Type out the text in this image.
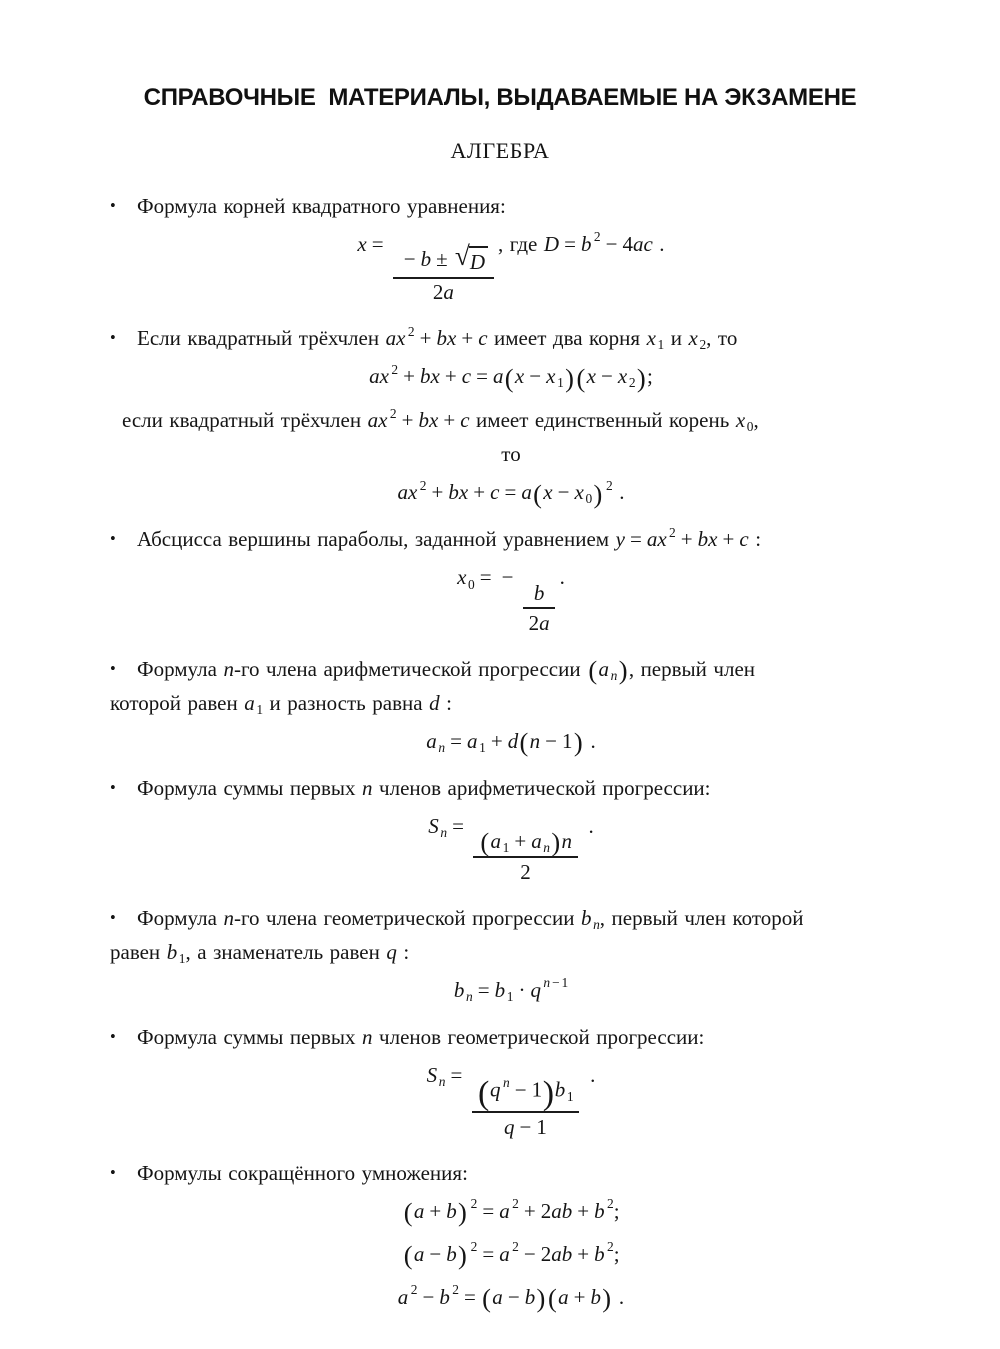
СПРАВОЧНЫЕ  МАТЕРИАЛЫ, ВЫДАВАЕМЫЕ НА ЭКЗАМЕНЕ
АЛГЕБРА
• Формула корней квадратного уравнения:
x =
$\frac{- b \pm √ D}{2a}$
, где D = b 2 − 4ac .
• Если квадратный трёхчлен ax 2 + bx + c имеет два корня x 1 и x 2, то
ax 2 + bx + c = a(x − x 1)(x − x 2);
если квадратный трёхчлен ax 2 + bx + c имеет единственный корень x 0,
то
ax 2 + bx + c = a(x − x 0) 2 .
• Абсцисса вершины параболы, заданной уравнением y = ax 2 + bx + c :
x 0 = −
$\frac{b}{2a}$
.
• Формула n-го члена арифметической прогрессии (a n), первый член
которой равен a 1 и разность равна d :
a n = a 1 + d(n − 1) .
• Формула суммы первых n членов арифметической прогрессии:
S n =
$\frac{\text{(a 1 + a n)n}}{2}$
.
• Формула n-го члена геометрической прогрессии b n, первый член которой
равен b 1, а знаменатель равен q :
b n = b 1 · q n − 1
• Формула суммы первых n членов геометрической прогрессии:
S n =
$\frac{\text{(q n − 1)b 1}}{q - 1}$
.
• Формулы сокращённого умножения:
(a + b) 2 = a 2 + 2ab + b 2;
(a − b) 2 = a 2 − 2ab + b 2;
a 2 − b 2 = (a − b)(a + b) .
